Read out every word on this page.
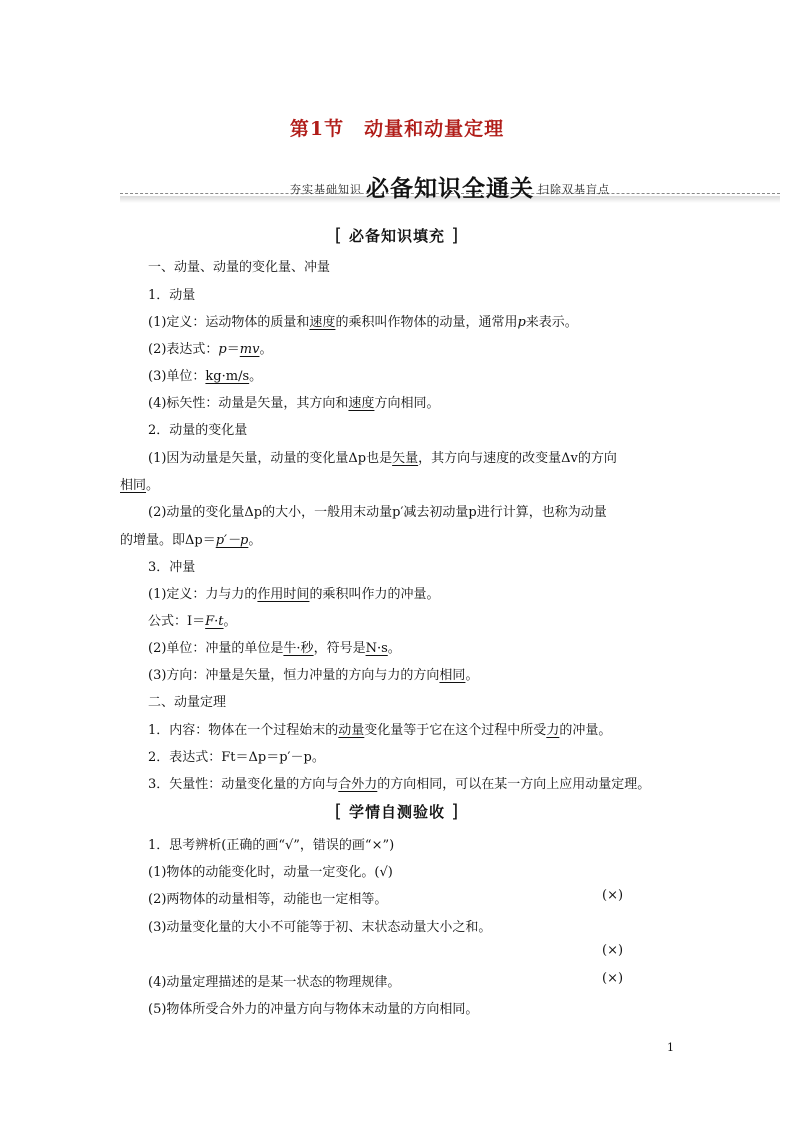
第1节　动量和动量定理
夯实基础知识 必备知识全通关 扫除双基盲点
[ 必备知识填充 ]
一、动量、动量的变化量、冲量
1．动量
(1)定义：运动物体的质量和速度的乘积叫作物体的动量，通常用p来表示。
(2)表达式：p＝mv。
(3)单位：kg·m/s。
(4)标矢性：动量是矢量，其方向和速度方向相同。
2．动量的变化量
(1)因为动量是矢量，动量的变化量Δp也是矢量，其方向与速度的改变量Δv的方向
相同。
(2)动量的变化量Δp的大小，一般用末动量p′减去初动量p进行计算，也称为动量
的增量。即Δp＝p′－p。
3．冲量
(1)定义：力与力的作用时间的乘积叫作力的冲量。
公式：I＝F·t。
(2)单位：冲量的单位是牛·秒，符号是N·s。
(3)方向：冲量是矢量，恒力冲量的方向与力的方向相同。
二、动量定理
1．内容：物体在一个过程始末的动量变化量等于它在这个过程中所受力的冲量。
2．表达式：Ft＝Δp＝p′－p。
3．矢量性：动量变化量的方向与合外力的方向相同，可以在某一方向上应用动量定理。
[ 学情自测验收 ]
1．思考辨析(正确的画“√”，错误的画“×”)
(1)物体的动能变化时，动量一定变化。(√)
(2)两物体的动量相等，动能也一定相等。	(×)
(3)动量变化量的大小不可能等于初、末状态动量大小之和。
(×)
(4)动量定理描述的是某一状态的物理规律。	(×)
(5)物体所受合外力的冲量方向与物体末动量的方向相同。
1
